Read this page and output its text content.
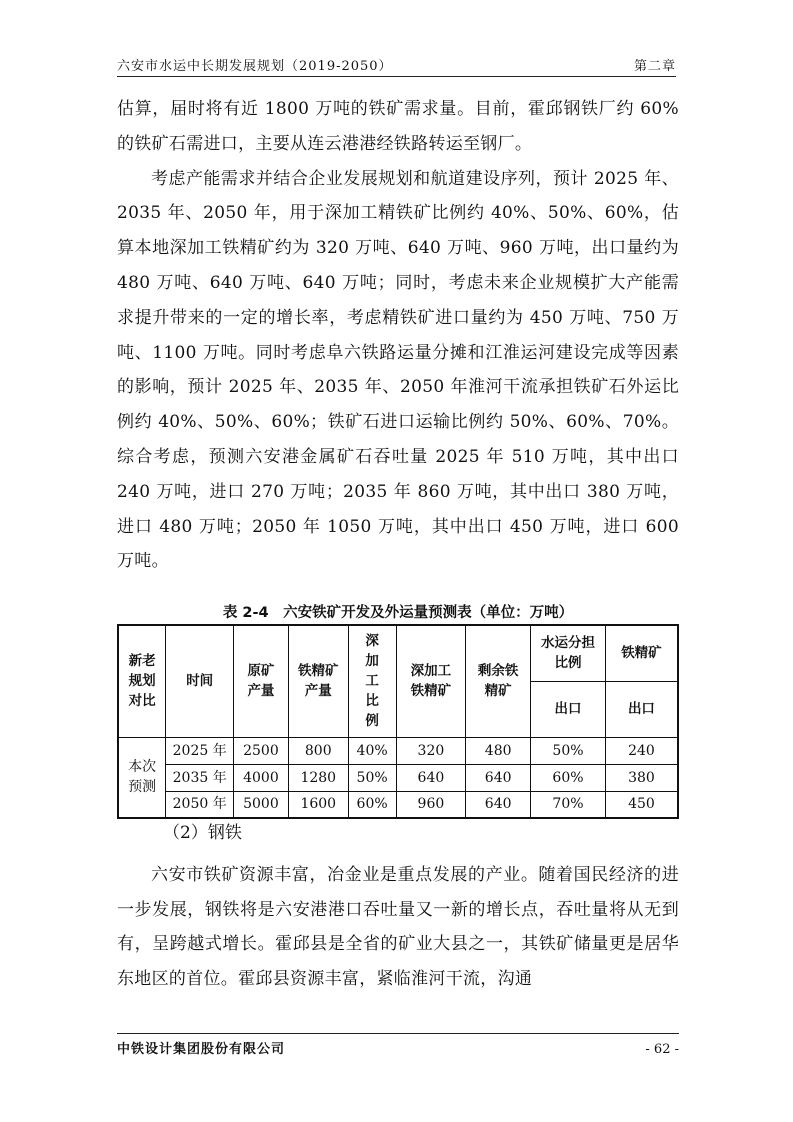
六安市水运中长期发展规划（2019-2050）	第二章

估算，届时将有近 1800 万吨的铁矿需求量。目前，霍邱钢铁厂约 60%的铁矿石需进口，主要从连云港港经铁路转运至钢厂。

考虑产能需求并结合企业发展规划和航道建设序列，预计 2025 年、2035 年、2050 年，用于深加工精铁矿比例约 40%、50%、60%，估算本地深加工铁精矿约为 320 万吨、640 万吨、960 万吨，出口量约为 480 万吨、640 万吨、640 万吨；同时，考虑未来企业规模扩大产能需求提升带来的一定的增长率，考虑精铁矿进口量约为 450 万吨、750 万吨、1100 万吨。同时考虑阜六铁路运量分摊和江淮运河建设完成等因素的影响，预计 2025 年、2035 年、2050 年淮河干流承担铁矿石外运比例约 40%、50%、60%；铁矿石进口运输比例约 50%、60%、70%。综合考虑，预测六安港金属矿石吞吐量 2025 年 510 万吨，其中出口 240 万吨，进口 270 万吨；2035 年 860 万吨，其中出口 380 万吨，进口 480 万吨；2050 年 1050 万吨，其中出口 450 万吨，进口 600 万吨。

表 2-4　六安铁矿开发及外运量预测表（单位：万吨）
新老规划对比	时间	原矿产量	铁精矿产量	深加工比例	深加工铁精矿	剩余铁精矿	水运分担比例	铁精矿
							出口	出口
本次预测	2025 年	2500	800	40%	320	480	50%	240
	2035 年	4000	1280	50%	640	640	60%	380
	2050 年	5000	1600	60%	960	640	70%	450
（2）钢铁

六安市铁矿资源丰富，冶金业是重点发展的产业。随着国民经济的进一步发展，钢铁将是六安港港口吞吐量又一新的增长点，吞吐量将从无到有，呈跨越式增长。霍邱县是全省的矿业大县之一，其铁矿储量更是居华东地区的首位。霍邱县资源丰富，紧临淮河干流，沟通

中铁设计集团股份有限公司	- 62 -
